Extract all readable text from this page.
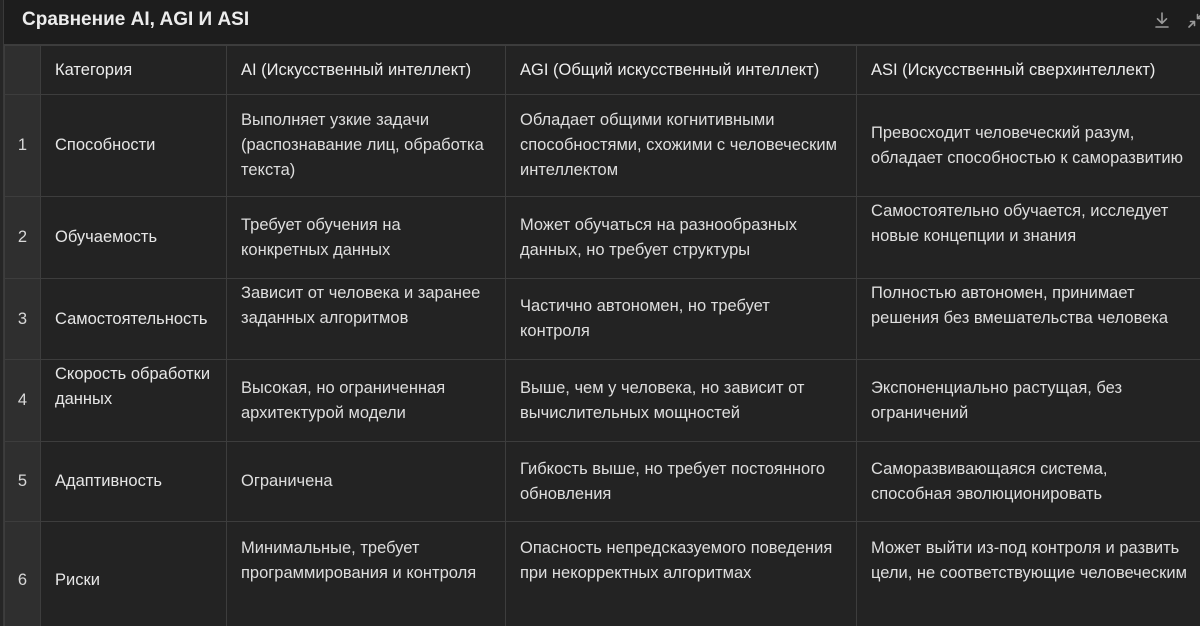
Сравнение AI, AGI И ASI
	Категория	AI (Искусственный интеллект)	AGI (Общий искусственный интеллект)	ASI (Искусственный сверхинтеллект)
1	Способности	Выполняет узкие задачи (распознавание лиц, обработка текста)	Обладает общими когнитивными способностями, схожими с человеческим интеллектом	Превосходит человеческий разум, обладает способностью к саморазвитию
2	Обучаемость	Требует обучения на конкретных данных	Может обучаться на разнообразных данных, но требует структуры	Самостоятельно обучается, исследует новые концепции и знания
3	Самостоятельность	Зависит от человека и заранее заданных алгоритмов	Частично автономен, но требует контроля	Полностью автономен, принимает решения без вмешательства человека
4	Скорость обработки данных	Высокая, но ограниченная архитектурой модели	Выше, чем у человека, но зависит от вычислительных мощностей	Экспоненциально растущая, без ограничений
5	Адаптивность	Ограничена	Гибкость выше, но требует постоянного обновления	Саморазвивающаяся система, способная эволюционировать
6	Риски	Минимальные, требует программирования и контроля	Опасность непредсказуемого поведения при некорректных алгоритмах	Может выйти из-под контроля и развить цели, не соответствующие человеческим
